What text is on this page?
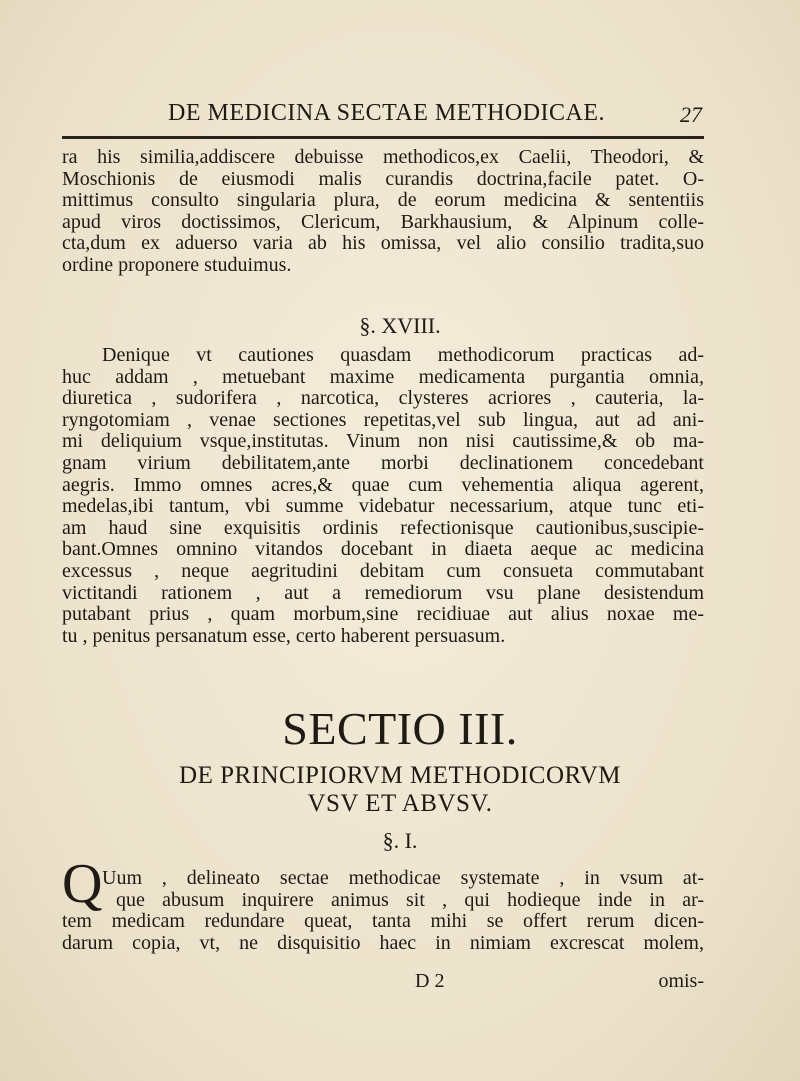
DE MEDICINA SECTAE METHODICAE.	27
ra his similia,addiscere debuisse methodicos,ex Caelii, Theodori, &
Moschionis de eiusmodi malis curandis doctrina,facile patet. O-
mittimus consulto singularia plura, de eorum medicina & sententiis
apud viros doctissimos, Clericum, Barkhausium, & Alpinum colle-
cta,dum ex aduerso varia ab his omissa, vel alio consilio tradita,suo
ordine proponere studuimus.
§. XVIII.
Denique vt cautiones quasdam methodicorum practicas ad-
huc addam , metuebant maxime medicamenta purgantia omnia,
diuretica , sudorifera , narcotica, clysteres acriores , cauteria, la-
ryngotomiam , venae sectiones repetitas,vel sub lingua, aut ad ani-
mi deliquium vsque,institutas. Vinum non nisi cautissime,& ob ma-
gnam virium debilitatem,ante morbi declinationem concedebant
aegris. Immo omnes acres,& quae cum vehementia aliqua agerent,
medelas,ibi tantum, vbi summe videbatur necessarium, atque tunc eti-
am haud sine exquisitis ordinis refectionisque cautionibus,suscipie-
bant.Omnes omnino vitandos docebant in diaeta aeque ac medicina
excessus , neque aegritudini debitam cum consueta commutabant
victitandi rationem , aut a remediorum vsu plane desistendum
putabant prius , quam morbum,sine recidiuae aut alius noxae me-
tu , penitus persanatum esse, certo haberent persuasum.
SECTIO III.
DE PRINCIPIORVM METHODICORVM
VSV ET ABVSV.
§. I.
Q Uum , delineato sectae methodicae systemate , in vsum at-
que abusum inquirere animus sit , qui hodieque inde in ar-
tem medicam redundare queat, tanta mihi se offert rerum dicen-
darum copia, vt, ne disquisitio haec in nimiam excrescat molem,
D 2	omis-
